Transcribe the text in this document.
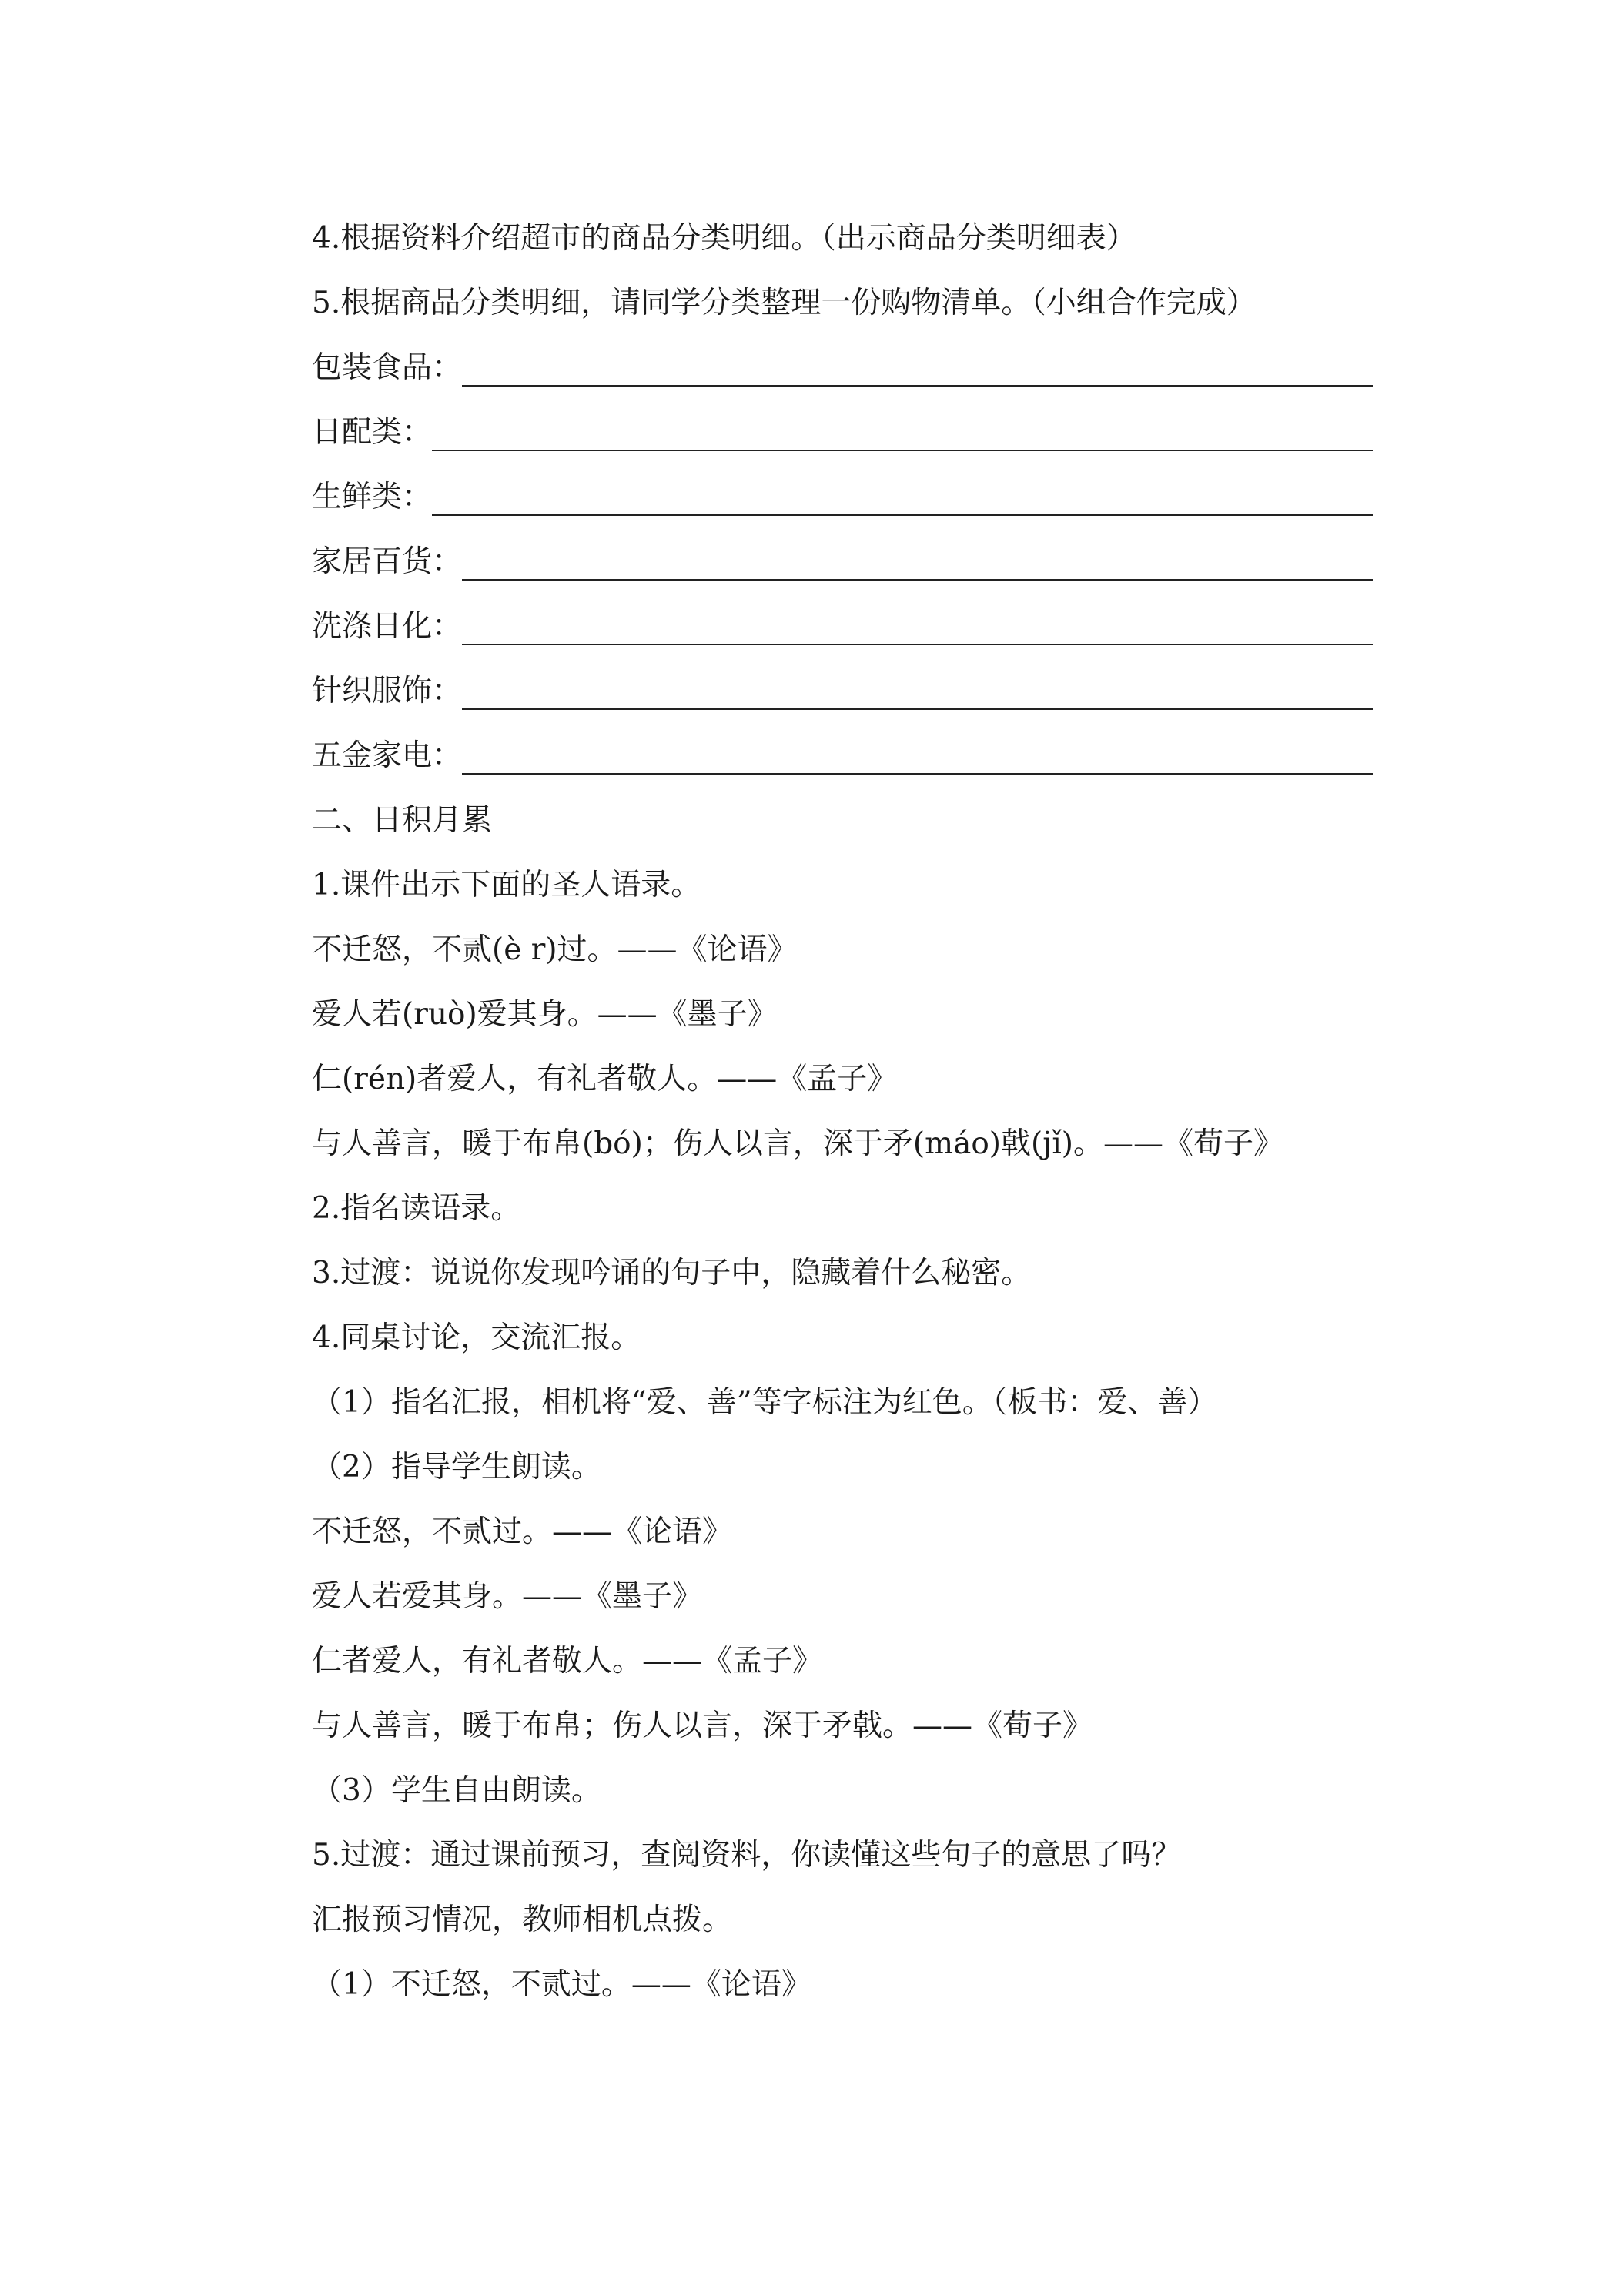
4.根据资料介绍超市的商品分类明细。（出示商品分类明细表）
5.根据商品分类明细，请同学分类整理一份购物清单。（小组合作完成）
包装食品：
日配类：
生鲜类：
家居百货：
洗涤日化：
针织服饰：
五金家电：
二、日积月累
1.课件出示下面的圣人语录。
不迁怒，不贰(è r)过。——《论语》
爱人若(ruò)爱其身。——《墨子》
仁(rén)者爱人，有礼者敬人。——《孟子》
与人善言，暖于布帛(bó)；伤人以言，深于矛(máo)戟(jǐ)。——《荀子》
2.指名读语录。
3.过渡：说说你发现吟诵的句子中，隐藏着什么秘密。
4.同桌讨论，交流汇报。
（1）指名汇报，相机将“爱、善”等字标注为红色。（板书：爱、善）
（2）指导学生朗读。
不迁怒，不贰过。——《论语》
爱人若爱其身。——《墨子》
仁者爱人，有礼者敬人。——《孟子》
与人善言，暖于布帛；伤人以言，深于矛戟。——《荀子》
（3）学生自由朗读。
5.过渡：通过课前预习，查阅资料，你读懂这些句子的意思了吗？
汇报预习情况，教师相机点拨。
（1）不迁怒，不贰过。——《论语》
